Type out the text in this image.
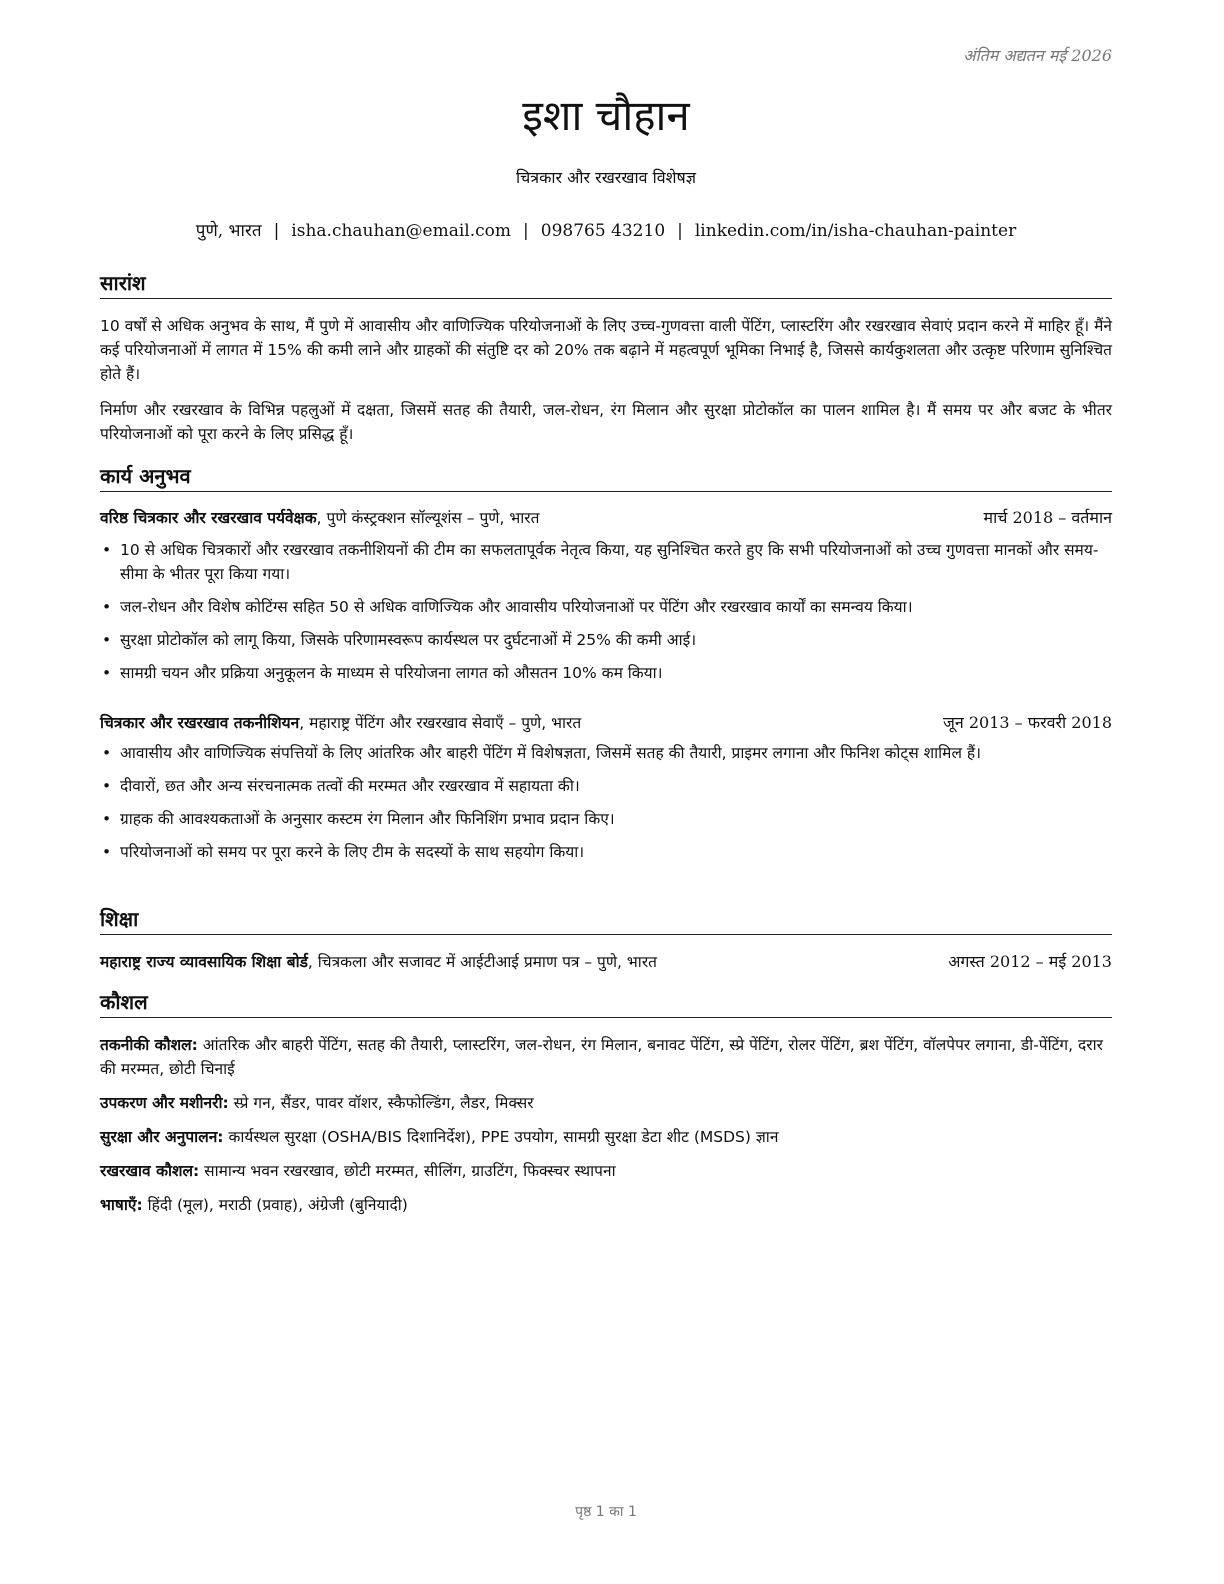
अंतिम अद्यतन मई 2026
इशा चौहान
चित्रकार और रखरखाव विशेषज्ञ
पुणे, भारत | isha.chauhan@email.com | 098765 43210 | linkedin.com/in/isha-chauhan-painter
सारांश
10 वर्षों से अधिक अनुभव के साथ, मैं पुणे में आवासीय और वाणिज्यिक परियोजनाओं के लिए उच्च-गुणवत्ता वाली पेंटिंग, प्लास्टरिंग और रखरखाव सेवाएं प्रदान करने में माहिर हूँ। मैंने कई परियोजनाओं में लागत में 15% की कमी लाने और ग्राहकों की संतुष्टि दर को 20% तक बढ़ाने में महत्वपूर्ण भूमिका निभाई है, जिससे कार्यकुशलता और उत्कृष्ट परिणाम सुनिश्चित होते हैं।
निर्माण और रखरखाव के विभिन्न पहलुओं में दक्षता, जिसमें सतह की तैयारी, जल-रोधन, रंग मिलान और सुरक्षा प्रोटोकॉल का पालन शामिल है। मैं समय पर और बजट के भीतर परियोजनाओं को पूरा करने के लिए प्रसिद्ध हूँ।
कार्य अनुभव
वरिष्ठ चित्रकार और रखरखाव पर्यवेक्षक, पुणे कंस्ट्रक्शन सॉल्यूशंस – पुणे, भारत	मार्च 2018 – वर्तमान
• 10 से अधिक चित्रकारों और रखरखाव तकनीशियनों की टीम का सफलतापूर्वक नेतृत्व किया, यह सुनिश्चित करते हुए कि सभी परियोजनाओं को उच्च गुणवत्ता मानकों और समय-सीमा के भीतर पूरा किया गया।
• जल-रोधन और विशेष कोटिंग्स सहित 50 से अधिक वाणिज्यिक और आवासीय परियोजनाओं पर पेंटिंग और रखरखाव कार्यों का समन्वय किया।
• सुरक्षा प्रोटोकॉल को लागू किया, जिसके परिणामस्वरूप कार्यस्थल पर दुर्घटनाओं में 25% की कमी आई।
• सामग्री चयन और प्रक्रिया अनुकूलन के माध्यम से परियोजना लागत को औसतन 10% कम किया।
चित्रकार और रखरखाव तकनीशियन, महाराष्ट्र पेंटिंग और रखरखाव सेवाएँ – पुणे, भारत	जून 2013 – फरवरी 2018
• आवासीय और वाणिज्यिक संपत्तियों के लिए आंतरिक और बाहरी पेंटिंग में विशेषज्ञता, जिसमें सतह की तैयारी, प्राइमर लगाना और फिनिश कोट्स शामिल हैं।
• दीवारों, छत और अन्य संरचनात्मक तत्वों की मरम्मत और रखरखाव में सहायता की।
• ग्राहक की आवश्यकताओं के अनुसार कस्टम रंग मिलान और फिनिशिंग प्रभाव प्रदान किए।
• परियोजनाओं को समय पर पूरा करने के लिए टीम के सदस्यों के साथ सहयोग किया।
शिक्षा
महाराष्ट्र राज्य व्यावसायिक शिक्षा बोर्ड, चित्रकला और सजावट में आईटीआई प्रमाण पत्र – पुणे, भारत	अगस्त 2012 – मई 2013
कौशल
तकनीकी कौशल: आंतरिक और बाहरी पेंटिंग, सतह की तैयारी, प्लास्टरिंग, जल-रोधन, रंग मिलान, बनावट पेंटिंग, स्प्रे पेंटिंग, रोलर पेंटिंग, ब्रश पेंटिंग, वॉलपेपर लगाना, डी-पेंटिंग, दरार की मरम्मत, छोटी चिनाई
उपकरण और मशीनरी: स्प्रे गन, सैंडर, पावर वॉशर, स्कैफोल्डिंग, लैडर, मिक्सर
सुरक्षा और अनुपालन: कार्यस्थल सुरक्षा (OSHA/BIS दिशानिर्देश), PPE उपयोग, सामग्री सुरक्षा डेटा शीट (MSDS) ज्ञान
रखरखाव कौशल: सामान्य भवन रखरखाव, छोटी मरम्मत, सीलिंग, ग्राउटिंग, फिक्स्चर स्थापना
भाषाएँ: हिंदी (मूल), मराठी (प्रवाह), अंग्रेजी (बुनियादी)
पृष्ठ 1 का 1
